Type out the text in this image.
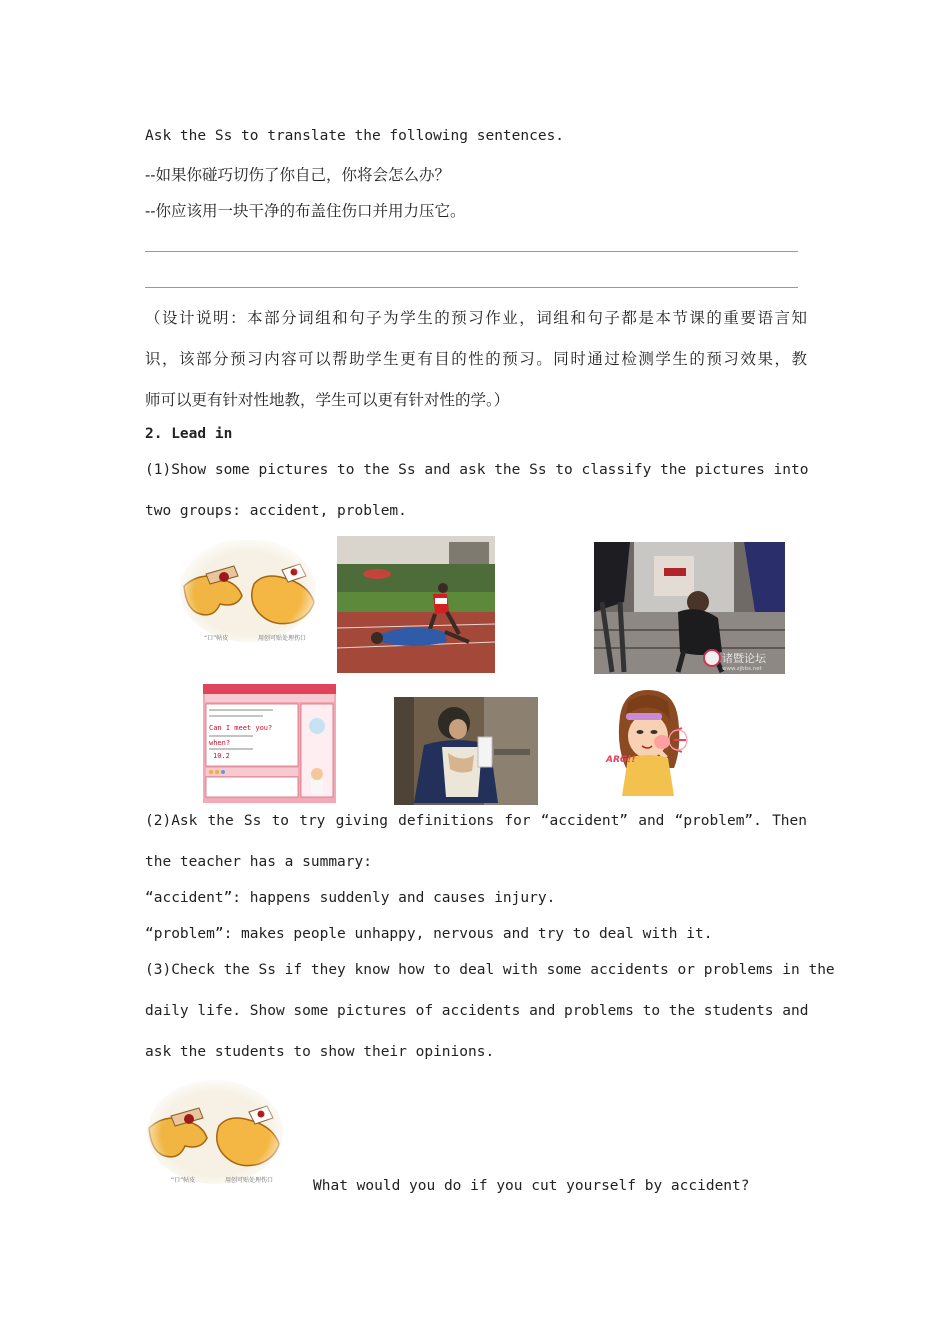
Ask the Ss to translate the following sentences.
--如果你碰巧切伤了你自己，你将会怎么办？
--你应该用一块干净的布盖住伤口并用力压它。
（设计说明：本部分词组和句子为学生的预习作业，词组和句子都是本节课的重要语言知
识，该部分预习内容可以帮助学生更有目的性的预习。同时通过检测学生的预习效果，教
师可以更有针对性地教，学生可以更有针对性的学。）
2. Lead in
(1)Show some pictures to the Ss and ask the Ss to classify the pictures into
two groups: accident, problem.
“口”帖皮	用创可贴处理伤口
诸暨论坛
www.zjbbs.net
Can I meet you?
when?
10.2	ARG!!
(2)Ask the Ss to try giving definitions for “accident” and “problem”. Then
the teacher has a summary:
“accident”: happens suddenly and causes injury.
“problem”: makes people unhappy, nervous and try to deal with it.
(3)Check the Ss if they know how to deal with some accidents or problems in the
daily life. Show some pictures of accidents and problems to the students and
ask the students to show their opinions.
“口”帖皮	用创可贴处理伤口	What would you do if you cut yourself by accident?
